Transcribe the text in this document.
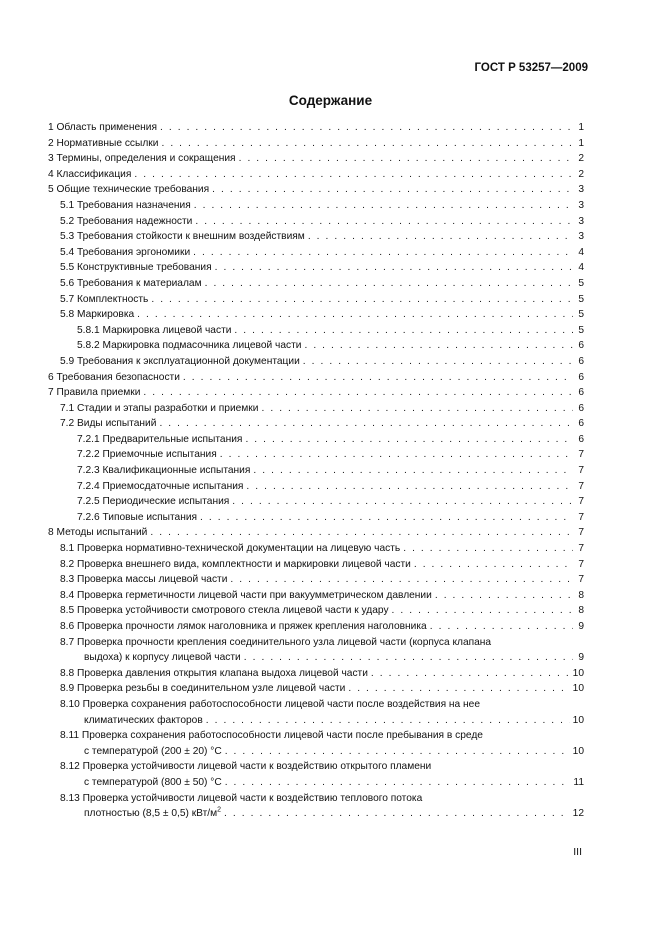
ГОСТ Р 53257—2009
Содержание
1 Область применения . . .	1
2 Нормативные ссылки . . .	1
3 Термины, определения и сокращения . . .	2
4 Классификация . . .	2
5 Общие технические требования . . .	3
5.1 Требования назначения . . .	3
5.2 Требования надежности . . .	3
5.3 Требования стойкости к внешним воздействиям . . .	3
5.4 Требования эргономики . . .	4
5.5 Конструктивные требования . . .	4
5.6 Требования к материалам . . .	5
5.7 Комплектность . . .	5
5.8 Маркировка . . .	5
5.8.1 Маркировка лицевой части . . .	5
5.8.2 Маркировка подмасочника лицевой части . . .	6
5.9 Требования к эксплуатационной документации . . .	6
6 Требования безопасности . . .	6
7 Правила приемки . . .	6
7.1 Стадии и этапы разработки и приемки . . .	6
7.2 Виды испытаний . . .	6
7.2.1 Предварительные испытания . . .	6
7.2.2 Приемочные испытания . . .	7
7.2.3 Квалификационные испытания . . .	7
7.2.4 Приемосдаточные испытания . . .	7
7.2.5 Периодические испытания . . .	7
7.2.6 Типовые испытания . . .	7
8 Методы испытаний . . .	7
8.1 Проверка нормативно-технической документации на лицевую часть . . .	7
8.2 Проверка внешнего вида, комплектности и маркировки лицевой части . . .	7
8.3 Проверка массы лицевой части . . .	7
8.4 Проверка герметичности лицевой части при вакуумметрическом давлении . . .	8
8.5 Проверка устойчивости смотрового стекла лицевой части к удару . . .	8
8.6 Проверка прочности лямок наголовника и пряжек крепления наголовника . . .	9
8.7 Проверка прочности крепления соединительного узла лицевой части (корпуса клапана
выдоха) к корпусу лицевой части . . .	9
8.8 Проверка давления открытия клапана выдоха лицевой части . . .	10
8.9 Проверка резьбы в соединительном узле лицевой части . . .	10
8.10 Проверка сохранения работоспособности лицевой части после воздействия на нее
климатических факторов . . .	10
8.11 Проверка сохранения работоспособности лицевой части после пребывания в среде
с температурой (200 ± 20) °С . . .	10
8.12 Проверка устойчивости лицевой части к воздействию открытого пламени
с температурой (800 ± 50) °С . . .	11
8.13 Проверка устойчивости лицевой части к воздействию теплового потока
плотностью (8,5 ± 0,5) кВт/$м^2$ . . .	12
III
